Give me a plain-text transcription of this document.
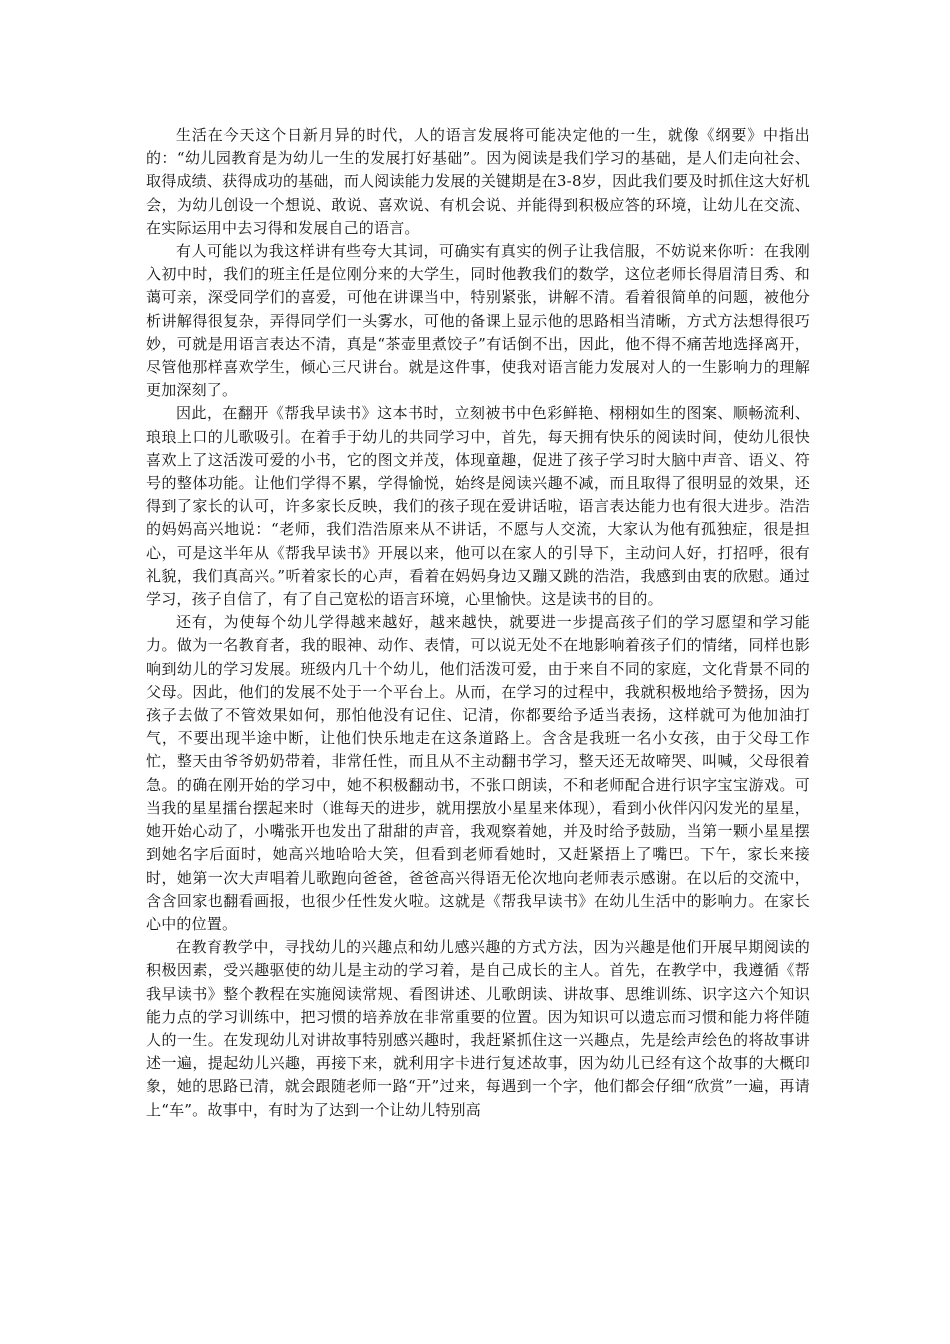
生活在今天这个日新月异的时代，人的语言发展将可能决定他的一生，就像《纲要》中指出的：“幼儿园教育是为幼儿一生的发展打好基础”。因为阅读是我们学习的基础，是人们走向社会、取得成绩、获得成功的基础，而人阅读能力发展的关键期是在3-8岁，因此我们要及时抓住这大好机会，为幼儿创设一个想说、敢说、喜欢说、有机会说、并能得到积极应答的环境，让幼儿在交流、在实际运用中去习得和发展自己的语言。

有人可能以为我这样讲有些夸大其词，可确实有真实的例子让我信服，不妨说来你听：在我刚入初中时，我们的班主任是位刚分来的大学生，同时他教我们的数学，这位老师长得眉清目秀、和蔼可亲，深受同学们的喜爱，可他在讲课当中，特别紧张，讲解不清。看着很简单的问题，被他分析讲解得很复杂，弄得同学们一头雾水，可他的备课上显示他的思路相当清晰，方式方法想得很巧妙，可就是用语言表达不清，真是“茶壶里煮饺子”有话倒不出，因此，他不得不痛苦地选择离开，尽管他那样喜欢学生，倾心三尺讲台。就是这件事，使我对语言能力发展对人的一生影响力的理解更加深刻了。

因此，在翻开《帮我早读书》这本书时，立刻被书中色彩鲜艳、栩栩如生的图案、顺畅流利、琅琅上口的儿歌吸引。在着手于幼儿的共同学习中，首先，每天拥有快乐的阅读时间，使幼儿很快喜欢上了这活泼可爱的小书，它的图文并茂，体现童趣，促进了孩子学习时大脑中声音、语义、符号的整体功能。让他们学得不累，学得愉悦，始终是阅读兴趣不减，而且取得了很明显的效果，还得到了家长的认可，许多家长反映，我们的孩子现在爱讲话啦，语言表达能力也有很大进步。浩浩的妈妈高兴地说：“老师，我们浩浩原来从不讲话，不愿与人交流，大家认为他有孤独症，很是担心，可是这半年从《帮我早读书》开展以来，他可以在家人的引导下，主动问人好，打招呼，很有礼貌，我们真高兴。”听着家长的心声，看着在妈妈身边又蹦又跳的浩浩，我感到由衷的欣慰。通过学习，孩子自信了，有了自己宽松的语言环境，心里愉快。这是读书的目的。

还有，为使每个幼儿学得越来越好，越来越快，就要进一步提高孩子们的学习愿望和学习能力。做为一名教育者，我的眼神、动作、表情，可以说无处不在地影响着孩子们的情绪，同样也影响到幼儿的学习发展。班级内几十个幼儿，他们活泼可爱，由于来自不同的家庭，文化背景不同的父母。因此，他们的发展不处于一个平台上。从而，在学习的过程中，我就积极地给予赞扬，因为孩子去做了不管效果如何，那怕他没有记住、记清，你都要给予适当表扬，这样就可为他加油打气，不要出现半途中断，让他们快乐地走在这条道路上。含含是我班一名小女孩，由于父母工作忙，整天由爷爷奶奶带着，非常任性，而且从不主动翻书学习，整天还无故啼哭、叫喊，父母很着急。的确在刚开始的学习中，她不积极翻动书，不张口朗读，不和老师配合进行识字宝宝游戏。可当我的星星擂台摆起来时（谁每天的进步，就用摆放小星星来体现），看到小伙伴闪闪发光的星星，她开始心动了，小嘴张开也发出了甜甜的声音，我观察着她，并及时给予鼓励，当第一颗小星星摆到她名字后面时，她高兴地哈哈大笑，但看到老师看她时，又赶紧捂上了嘴巴。下午，家长来接时，她第一次大声唱着儿歌跑向爸爸，爸爸高兴得语无伦次地向老师表示感谢。在以后的交流中，含含回家也翻看画报，也很少任性发火啦。这就是《帮我早读书》在幼儿生活中的影响力。在家长心中的位置。

在教育教学中，寻找幼儿的兴趣点和幼儿感兴趣的方式方法，因为兴趣是他们开展早期阅读的积极因素，受兴趣驱使的幼儿是主动的学习着，是自己成长的主人。首先，在教学中，我遵循《帮我早读书》整个教程在实施阅读常规、看图讲述、儿歌朗读、讲故事、思维训练、识字这六个知识能力点的学习训练中，把习惯的培养放在非常重要的位置。因为知识可以遗忘而习惯和能力将伴随人的一生。在发现幼儿对讲故事特别感兴趣时，我赶紧抓住这一兴趣点，先是绘声绘色的将故事讲述一遍，提起幼儿兴趣，再接下来，就利用字卡进行复述故事，因为幼儿已经有这个故事的大概印象，她的思路已清，就会跟随老师一路“开”过来，每遇到一个字，他们都会仔细“欣赏”一遍，再请上“车”。故事中，有时为了达到一个让幼儿特别高
